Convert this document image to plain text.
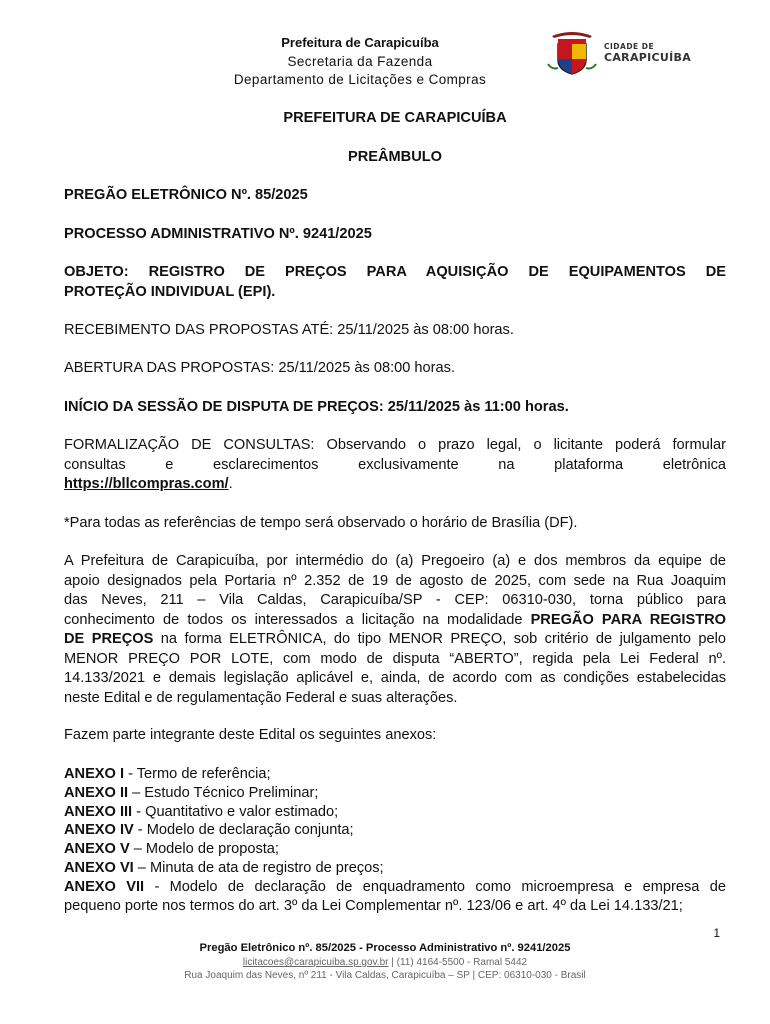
Prefeitura de Carapicuíba
Secretaria da Fazenda
Departamento de Licitações e Compras
CIDADE DE
CARAPICUÍBA
PREFEITURA DE CARAPICUÍBA
PREÂMBULO
PREGÃO ELETRÔNICO Nº. 85/2025
PROCESSO ADMINISTRATIVO Nº. 9241/2025
OBJETO: REGISTRO DE PREÇOS PARA AQUISIÇÃO DE EQUIPAMENTOS DE
PROTEÇÃO INDIVIDUAL (EPI).
RECEBIMENTO DAS PROPOSTAS ATÉ: 25/11/2025 às 08:00 horas.
ABERTURA DAS PROPOSTAS: 25/11/2025 às 08:00 horas.
INÍCIO DA SESSÃO DE DISPUTA DE PREÇOS: 25/11/2025 às 11:00 horas.
FORMALIZAÇÃO DE CONSULTAS: Observando o prazo legal, o licitante poderá formular
consultas e esclarecimentos exclusivamente na plataforma eletrônica
https://bllcompras.com/.
*Para todas as referências de tempo será observado o horário de Brasília (DF).
A Prefeitura de Carapicuíba, por intermédio do (a) Pregoeiro (a) e dos membros da equipe de
apoio designados pela Portaria nº 2.352 de 19 de agosto de 2025, com sede na Rua Joaquim
das Neves, 211 – Vila Caldas, Carapicuíba/SP - CEP: 06310-030, torna público para
conhecimento de todos os interessados a licitação na modalidade PREGÃO PARA REGISTRO
DE PREÇOS na forma ELETRÔNICA, do tipo MENOR PREÇO, sob critério de julgamento pelo
MENOR PREÇO POR LOTE, com modo de disputa “ABERTO”, regida pela Lei Federal nº.
14.133/2021 e demais legislação aplicável e, ainda, de acordo com as condições estabelecidas
neste Edital e de regulamentação Federal e suas alterações.
Fazem parte integrante deste Edital os seguintes anexos:
ANEXO I - Termo de referência;
ANEXO II – Estudo Técnico Preliminar;
ANEXO III - Quantitativo e valor estimado;
ANEXO IV - Modelo de declaração conjunta;
ANEXO V – Modelo de proposta;
ANEXO VI – Minuta de ata de registro de preços;
ANEXO VII - Modelo de declaração de enquadramento como microempresa e empresa de
pequeno porte nos termos do art. 3º da Lei Complementar nº. 123/06 e art. 4º da Lei 14.133/21;
1
Pregão Eletrônico nº. 85/2025 - Processo Administrativo nº. 9241/2025
licitacoes@carapicuiba.sp.gov.br | (11) 4164-5500 - Ramal 5442
Rua Joaquim das Neves, nº 211 - Vila Caldas, Carapicuíba – SP | CEP: 06310-030 - Brasil
